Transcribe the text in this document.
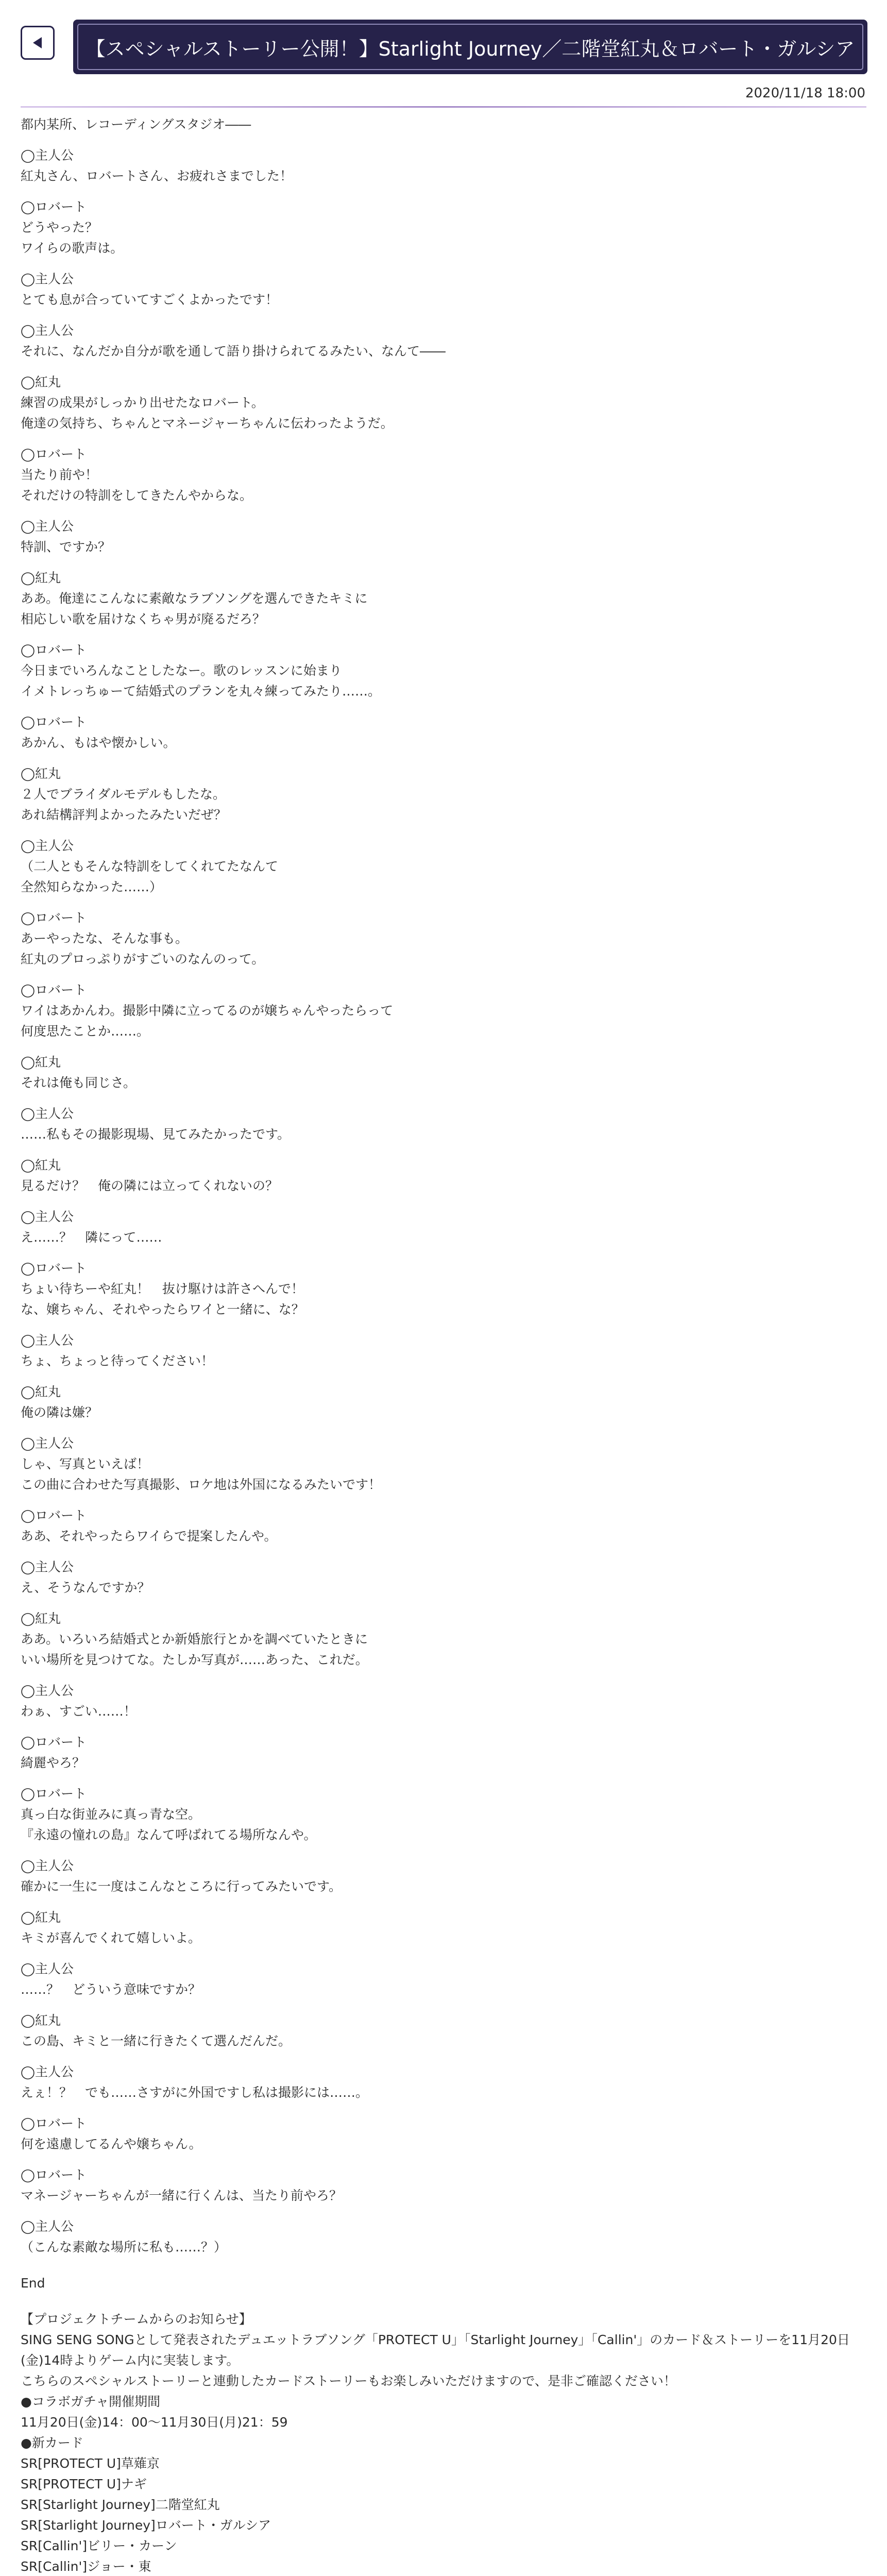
【スペシャルストーリー公開！】Starlight Journey／二階堂紅丸＆ロバート・ガルシア
2020/11/18 18:00

都内某所、レコーディングスタジオ――

◯主人公

紅丸さん、ロバートさん、お疲れさまでした！

◯ロバート

どうやった？
ワイらの歌声は。

◯主人公

とても息が合っていてすごくよかったです！

◯主人公

それに、なんだか自分が歌を通して語り掛けられてるみたい、なんて――

◯紅丸

練習の成果がしっかり出せたなロバート。
俺達の気持ち、ちゃんとマネージャーちゃんに伝わったようだ。

◯ロバート

当たり前や！
それだけの特訓をしてきたんやからな。

◯主人公

特訓、ですか？

◯紅丸

ああ。俺達にこんなに素敵なラブソングを選んできたキミに
相応しい歌を届けなくちゃ男が廃るだろ？

◯ロバート

今日までいろんなことしたなー。歌のレッスンに始まり
イメトレっちゅーて結婚式のプランを丸々練ってみたり……。

◯ロバート

あかん、もはや懐かしい。

◯紅丸

２人でブライダルモデルもしたな。
あれ結構評判よかったみたいだぜ？

◯主人公

（二人ともそんな特訓をしてくれてたなんて
全然知らなかった……）

◯ロバート

あーやったな、そんな事も。
紅丸のプロっぷりがすごいのなんのって。

◯ロバート

ワイはあかんわ。撮影中隣に立ってるのが嬢ちゃんやったらって
何度思たことか……。

◯紅丸

それは俺も同じさ。

◯主人公

……私もその撮影現場、見てみたかったです。

◯紅丸

見るだけ？　俺の隣には立ってくれないの？

◯主人公

え……？　隣にって……

◯ロバート

ちょい待ちーや紅丸！　抜け駆けは許さへんで！
な、嬢ちゃん、それやったらワイと一緒に、な？

◯主人公

ちょ、ちょっと待ってください！

◯紅丸

俺の隣は嫌？

◯主人公

しゃ、写真といえば！
この曲に合わせた写真撮影、ロケ地は外国になるみたいです！

◯ロバート

ああ、それやったらワイらで提案したんや。

◯主人公

え、そうなんですか？

◯紅丸

ああ。いろいろ結婚式とか新婚旅行とかを調べていたときに
いい場所を見つけてな。たしか写真が……あった、これだ。

◯主人公

わぁ、すごい……！

◯ロバート

綺麗やろ？

◯ロバート

真っ白な街並みに真っ青な空。
『永遠の憧れの島』なんて呼ばれてる場所なんや。

◯主人公

確かに一生に一度はこんなところに行ってみたいです。

◯紅丸

キミが喜んでくれて嬉しいよ。

◯主人公

……？　どういう意味ですか？

◯紅丸

この島、キミと一緒に行きたくて選んだんだ。

◯主人公

えぇ！？　でも……さすがに外国ですし私は撮影には……。

◯ロバート

何を遠慮してるんや嬢ちゃん。

◯ロバート

マネージャーちゃんが一緒に行くんは、当たり前やろ？

◯主人公

（こんな素敵な場所に私も……？）

End

【プロジェクトチームからのお知らせ】

SING SENG SONGとして発表されたデュエットラブソング「PROTECT U」「Starlight Journey」「Callin'」のカード＆ストーリーを11月20日(金)14時よりゲーム内に実装します。
こちらのスペシャルストーリーと連動したカードストーリーもお楽しみいただけますので、是非ご確認ください！

●コラボガチャ開催期間

11月20日(金)14：00～11月30日(月)21：59

●新カード

SR[PROTECT U]草薙京
SR[PROTECT U]ナギ
SR[Starlight Journey]二階堂紅丸
SR[Starlight Journey]ロバート・ガルシア
SR[Callin']ビリー・カーン
SR[Callin']ジョー・東
